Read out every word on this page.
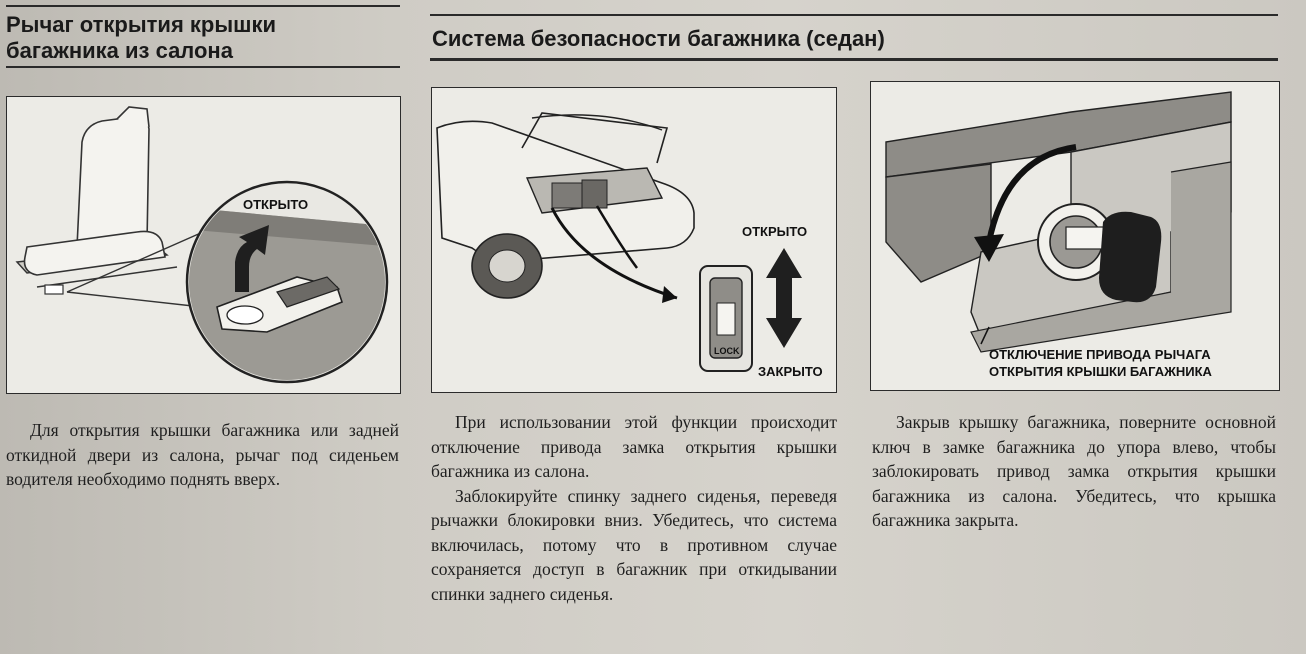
Рычаг открытия крышки
багажника из салона	Система безопасности багажника (седан)
ОТКРЫТО
LOCK
ОТКРЫТО
ЗАКРЫТО
ОТКЛЮЧЕНИЕ ПРИВОДА РЫЧАГА
ОТКРЫТИЯ КРЫШКИ БАГАЖНИКА

Для открытия крышки багажника или задней откидной двери из салона, рычаг под сиденьем водителя необходимо поднять вверх.

При использовании этой функции происходит отключение привода замка открытия крышки багажника из салона.

Заблокируйте спинку заднего сиденья, переведя рычажки блокировки вниз. Убедитесь, что система включилась, потому что в противном случае сохраняется доступ в багажник при откидывании спинки заднего сиденья.

Закрыв крышку багажника, поверните основной ключ в замке багажника до упора влево, чтобы заблокировать привод замка открытия крышки багажника из салона. Убедитесь, что крышка багажника закрыта.
